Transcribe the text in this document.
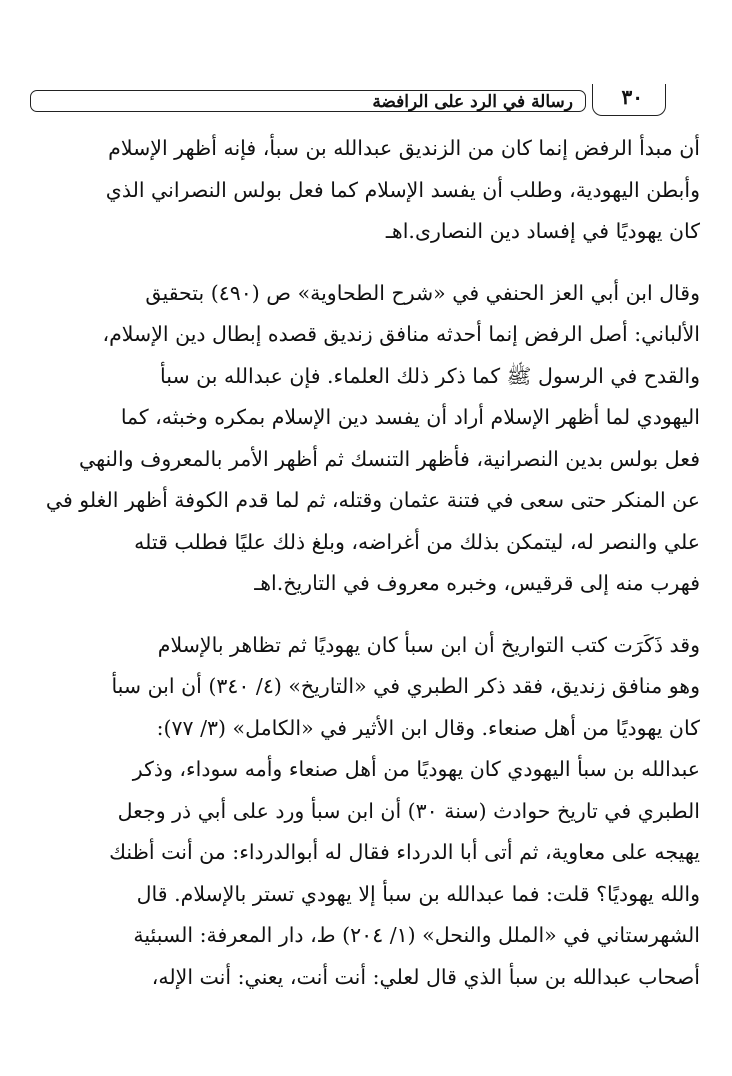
رسالة في الرد على الرافضة ٣٠

أن مبدأ الرفض إنما كان من الزنديق عبدالله بن سبأ، فإنه أظهر الإسلام
وأبطن اليهودية، وطلب أن يفسد الإسلام كما فعل بولس النصراني الذي
كان يهوديًا في إفساد دين النصارى.اهـ

وقال ابن أبي العز الحنفي في «شرح الطحاوية» ص (٤٩٠) بتحقيق
الألباني: أصل الرفض إنما أحدثه منافق زنديق قصده إبطال دين الإسلام،
والقدح في الرسول ﷺ كما ذكر ذلك العلماء. فإن عبدالله بن سبأ
اليهودي لما أظهر الإسلام أراد أن يفسد دين الإسلام بمكره وخبثه، كما
فعل بولس بدين النصرانية، فأظهر التنسك ثم أظهر الأمر بالمعروف والنهي
عن المنكر حتى سعى في فتنة عثمان وقتله، ثم لما قدم الكوفة أظهر الغلو في
علي والنصر له، ليتمكن بذلك من أغراضه، وبلغ ذلك عليًا فطلب قتله
فهرب منه إلى قرقيس، وخبره معروف في التاريخ.اهـ

وقد ذَكَرَت كتب التواريخ أن ابن سبأ كان يهوديًا ثم تظاهر بالإسلام
وهو منافق زنديق، فقد ذكر الطبري في «التاريخ» (٤/ ٣٤٠) أن ابن سبأ
كان يهوديًا من أهل صنعاء. وقال ابن الأثير في «الكامل» (٣/ ٧٧):
عبدالله بن سبأ اليهودي كان يهوديًا من أهل صنعاء وأمه سوداء، وذكر
الطبري في تاريخ حوادث (سنة ٣٠) أن ابن سبأ ورد على أبي ذر وجعل
يهيجه على معاوية، ثم أتى أبا الدرداء فقال له أبوالدرداء: من أنت أظنك
والله يهوديًا؟ قلت: فما عبدالله بن سبأ إلا يهودي تستر بالإسلام. قال
الشهرستاني في «الملل والنحل» (١/ ٢٠٤) ط، دار المعرفة: السبئية
أصحاب عبدالله بن سبأ الذي قال لعلي: أنت أنت، يعني: أنت الإله،
